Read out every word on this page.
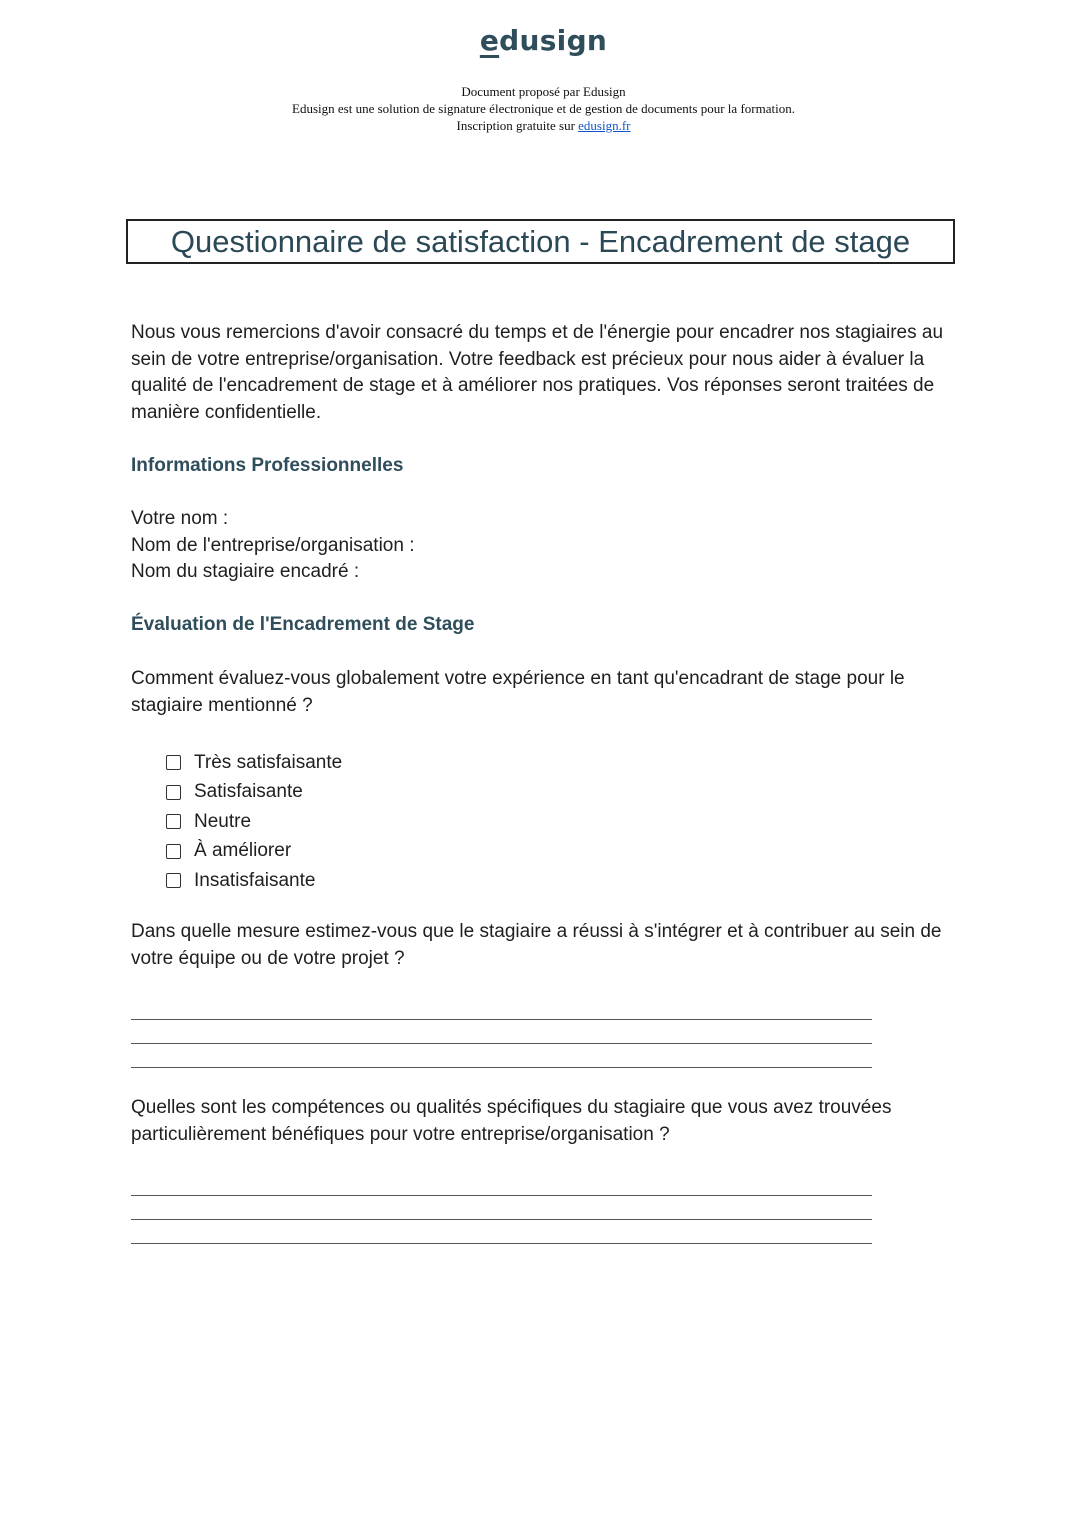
edusign
Document proposé par Edusign
Edusign est une solution de signature électronique et de gestion de documents pour la formation.
Inscription gratuite sur edusign.fr
Questionnaire de satisfaction - Encadrement de stage
Nous vous remercions d'avoir consacré du temps et de l'énergie pour encadrer nos stagiaires au sein de votre entreprise/organisation. Votre feedback est précieux pour nous aider à évaluer la qualité de l'encadrement de stage et à améliorer nos pratiques. Vos réponses seront traitées de manière confidentielle.
Informations Professionnelles
Votre nom :
Nom de l'entreprise/organisation :
Nom du stagiaire encadré :
Évaluation de l'Encadrement de Stage
Comment évaluez-vous globalement votre expérience en tant qu'encadrant de stage pour le stagiaire mentionné ?
Très satisfaisante
Satisfaisante
Neutre
À améliorer
Insatisfaisante
Dans quelle mesure estimez-vous que le stagiaire a réussi à s'intégrer et à contribuer au sein de votre équipe ou de votre projet ?
Quelles sont les compétences ou qualités spécifiques du stagiaire que vous avez trouvées particulièrement bénéfiques pour votre entreprise/organisation ?
